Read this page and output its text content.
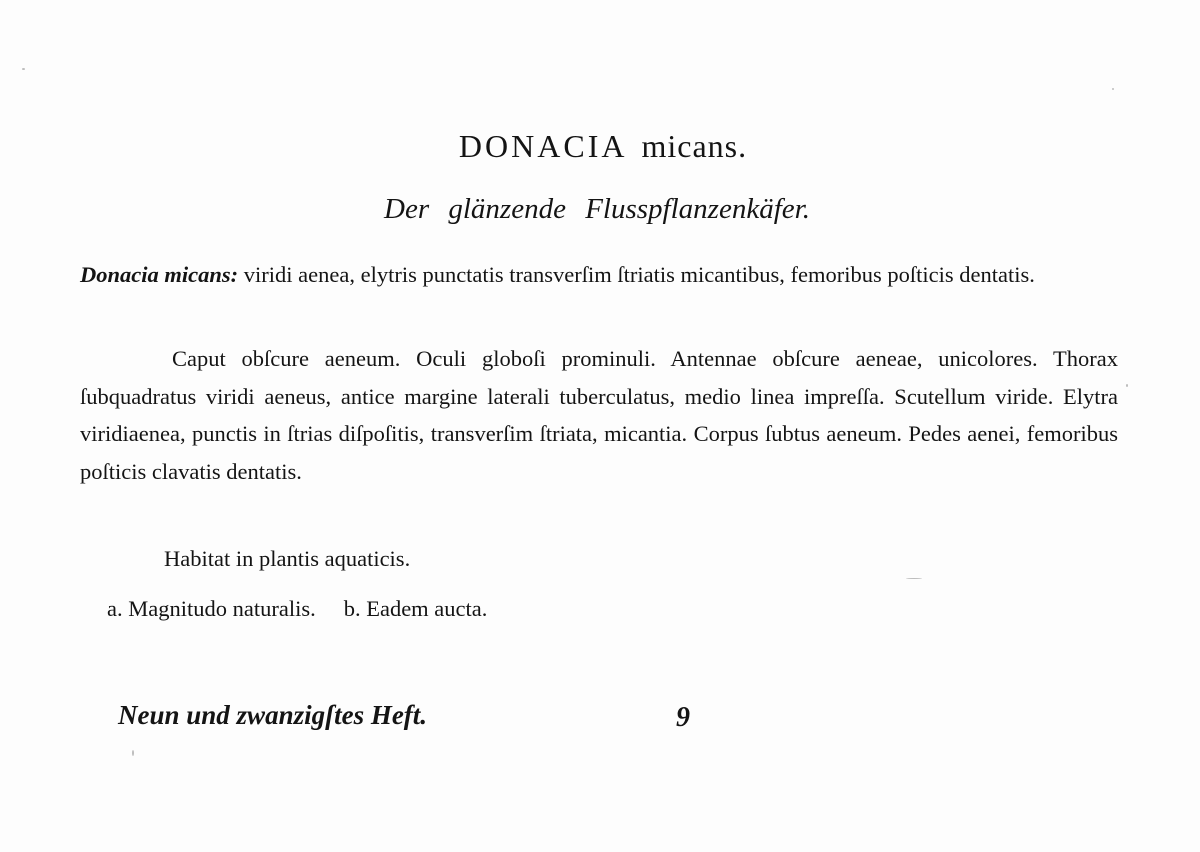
DONACIA micans.
Der glänzende Flusspflanzenkäfer.
Donacia micans: viridi aenea, elytris punctatis transverſim ſtriatis micantibus, femoribus poſticis dentatis.
Caput obſcure aeneum. Oculi globoſi prominuli. Antennae obſcure aeneae, unicolores. Thorax ſubquadratus viridi aeneus, antice margine laterali tuberculatus, medio linea impreſſa. Scutellum viride. Elytra viridiaenea, punctis in ſtrias diſpoſitis, transverſim ſtriata, micantia. Corpus ſubtus aeneum. Pedes aenei, femoribus poſticis clavatis dentatis.
Habitat in plantis aquaticis.
a. Magnitudo naturalis. b. Eadem aucta.
Neun und zwanzigſtes Heft.	9
